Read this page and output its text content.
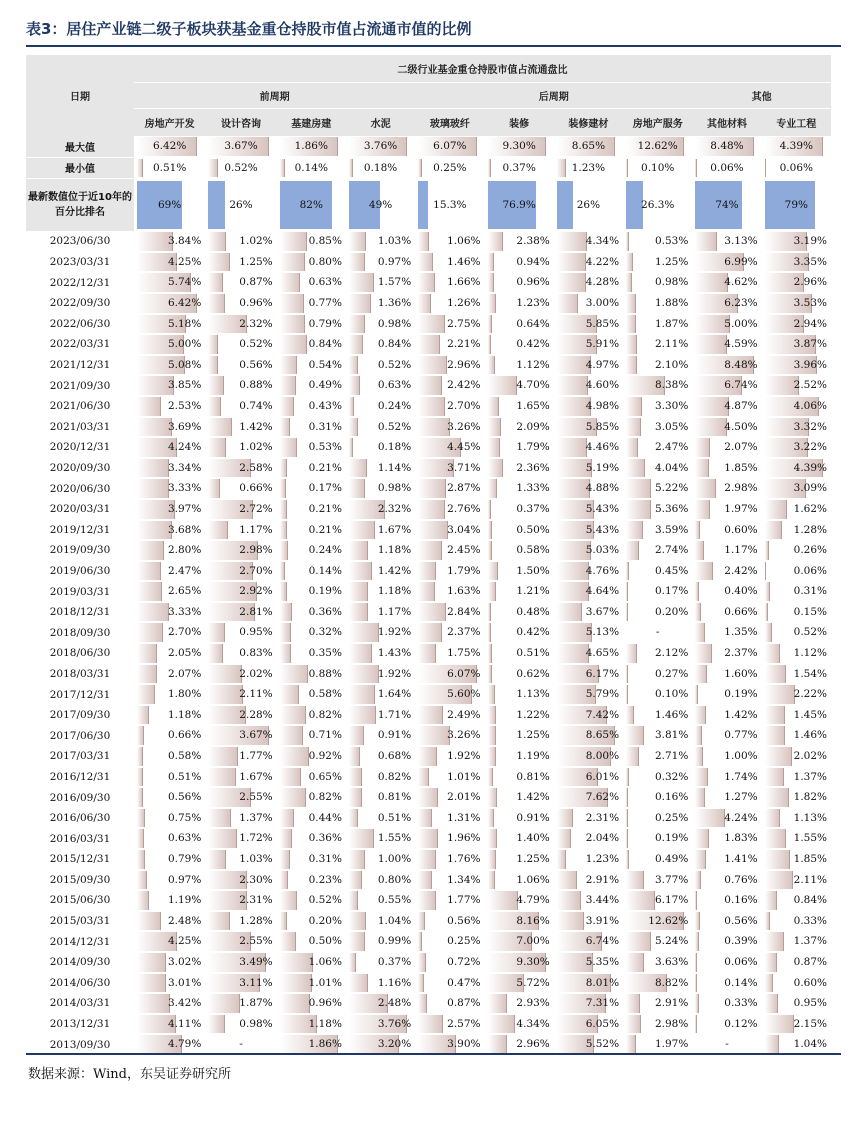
表3：居住产业链二级子板块获基金重仓持股市值占流通市值的比例
日期	二级行业基金重仓持股市值占流通盘比									
	前周期				后周期				其他	
	房地产开发	设计咨询	基建房建	水泥	玻璃玻纤	装修	装修建材	房地产服务	其他材料	专业工程
最大值	6.42%	3.67%	1.86%	3.76%	6.07%	9.30%	8.65%	12.62%	8.48%	4.39%

最小值	0.51%	0.52%	0.14%	0.18%	0.25%	0.37%	1.23%	0.10%	0.06%	0.06%

最新数值位于近10年的百分比排名	69%	26%	82%	49%	15.3%	76.9%	26%	26.3%	74%	79%

2023/06/30	3.84%	1.02%	0.85%	1.03%	1.06%	2.38%	4.34%	0.53%	3.13%	3.19%

2023/03/31	4.25%	1.25%	0.80%	0.97%	1.46%	0.94%	4.22%	1.25%	6.99%	3.35%

2022/12/31	5.74%	0.87%	0.63%	1.57%	1.66%	0.96%	4.28%	0.98%	4.62%	2.96%

2022/09/30	6.42%	0.96%	0.77%	1.36%	1.26%	1.23%	3.00%	1.88%	6.23%	3.53%

2022/06/30	5.18%	2.32%	0.79%	0.98%	2.75%	0.64%	5.85%	1.87%	5.00%	2.94%

2022/03/31	5.00%	0.52%	0.84%	0.84%	2.21%	0.42%	5.91%	2.11%	4.59%	3.87%

2021/12/31	5.08%	0.56%	0.54%	0.52%	2.96%	1.12%	4.97%	2.10%	8.48%	3.96%

2021/09/30	3.85%	0.88%	0.49%	0.63%	2.42%	4.70%	4.60%	8.38%	6.74%	2.52%

2021/06/30	2.53%	0.74%	0.43%	0.24%	2.70%	1.65%	4.98%	3.30%	4.87%	4.06%

2021/03/31	3.69%	1.42%	0.31%	0.52%	3.26%	2.09%	5.85%	3.05%	4.50%	3.32%

2020/12/31	4.24%	1.02%	0.53%	0.18%	4.45%	1.79%	4.46%	2.47%	2.07%	3.22%

2020/09/30	3.34%	2.58%	0.21%	1.14%	3.71%	2.36%	5.19%	4.04%	1.85%	4.39%

2020/06/30	3.33%	0.66%	0.17%	0.98%	2.87%	1.33%	4.88%	5.22%	2.98%	3.09%

2020/03/31	3.97%	2.72%	0.21%	2.32%	2.76%	0.37%	5.43%	5.36%	1.97%	1.62%

2019/12/31	3.68%	1.17%	0.21%	1.67%	3.04%	0.50%	5.43%	3.59%	0.60%	1.28%

2019/09/30	2.80%	2.98%	0.24%	1.18%	2.45%	0.58%	5.03%	2.74%	1.17%	0.26%

2019/06/30	2.47%	2.70%	0.14%	1.42%	1.79%	1.50%	4.76%	0.45%	2.42%	0.06%

2019/03/31	2.65%	2.92%	0.19%	1.18%	1.63%	1.21%	4.64%	0.17%	0.40%	0.31%

2018/12/31	3.33%	2.81%	0.36%	1.17%	2.84%	0.48%	3.67%	0.20%	0.66%	0.15%

2018/09/30	2.70%	0.95%	0.32%	1.92%	2.37%	0.42%	5.13%	-	1.35%	0.52%

2018/06/30	2.05%	0.83%	0.35%	1.43%	1.75%	0.51%	4.65%	2.12%	2.37%	1.12%

2018/03/31	2.07%	2.02%	0.88%	1.92%	6.07%	0.62%	6.17%	0.27%	1.60%	1.54%

2017/12/31	1.80%	2.11%	0.58%	1.64%	5.60%	1.13%	5.79%	0.10%	0.19%	2.22%

2017/09/30	1.18%	2.28%	0.82%	1.71%	2.49%	1.22%	7.42%	1.46%	1.42%	1.45%

2017/06/30	0.66%	3.67%	0.71%	0.91%	3.26%	1.25%	8.65%	3.81%	0.77%	1.46%

2017/03/31	0.58%	1.77%	0.92%	0.68%	1.92%	1.19%	8.00%	2.71%	1.00%	2.02%

2016/12/31	0.51%	1.67%	0.65%	0.82%	1.01%	0.81%	6.01%	0.32%	1.74%	1.37%

2016/09/30	0.56%	2.55%	0.82%	0.81%	2.01%	1.42%	7.62%	0.16%	1.27%	1.82%

2016/06/30	0.75%	1.37%	0.44%	0.51%	1.31%	0.91%	2.31%	0.25%	4.24%	1.13%

2016/03/31	0.63%	1.72%	0.36%	1.55%	1.96%	1.40%	2.04%	0.19%	1.83%	1.55%

2015/12/31	0.79%	1.03%	0.31%	1.00%	1.76%	1.25%	1.23%	0.49%	1.41%	1.85%

2015/09/30	0.97%	2.30%	0.23%	0.80%	1.34%	1.06%	2.91%	3.77%	0.76%	2.11%

2015/06/30	1.19%	2.31%	0.52%	0.55%	1.77%	4.79%	3.44%	6.17%	0.16%	0.84%

2015/03/31	2.48%	1.28%	0.20%	1.04%	0.56%	8.16%	3.91%	12.62%	0.56%	0.33%

2014/12/31	4.25%	2.55%	0.50%	0.99%	0.25%	7.00%	6.74%	5.24%	0.39%	1.37%

2014/09/30	3.02%	3.49%	1.06%	0.37%	0.72%	9.30%	5.35%	3.63%	0.06%	0.87%

2014/06/30	3.01%	3.11%	1.01%	1.16%	0.47%	5.72%	8.01%	8.82%	0.14%	0.60%

2014/03/31	3.42%	1.87%	0.96%	2.48%	0.87%	2.93%	7.31%	2.91%	0.33%	0.95%

2013/12/31	4.11%	0.98%	1.18%	3.76%	2.57%	4.34%	6.05%	2.98%	0.12%	2.15%

2013/09/30	4.79%	-	1.86%	3.20%	3.90%	2.96%	5.52%	1.97%	-	1.04%
数据来源：Wind，东吴证券研究所
